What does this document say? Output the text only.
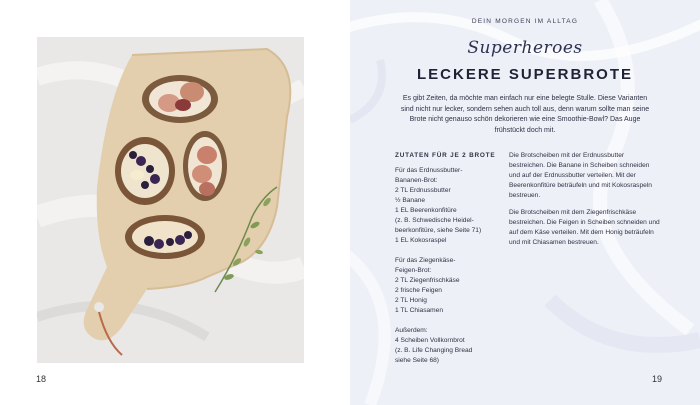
18
DEIN MORGEN IM ALLTAG
Superheroes
LECKERE SUPERBROTE
Es gibt Zeiten, da möchte man einfach nur eine belegte Stulle. Diese Varianten sind nicht nur lecker, sondern sehen auch toll aus, denn warum sollte man seine Brote nicht genauso schön dekorieren wie eine Smoothie-Bowl? Das Auge frühstückt doch mit.
ZUTATEN FÜR JE 2 BROTE
Für das Erdnussbutter-
Bananen-Brot:
2 TL Erdnussbutter
½ Banane
1 EL Beerenkonfitüre
(z. B. Schwedische Heidel-
beerkonfitüre, siehe Seite 71)
1 EL Kokosraspel
Für das Ziegenkäse-
Feigen-Brot:
2 TL Ziegenfrischkäse
2 frische Feigen
2 TL Honig
1 TL Chiasamen
Außerdem:
4 Scheiben Vollkornbrot
(z. B. Life Changing Bread
siehe Seite 68)
Die Brotscheiben mit der Erdnussbutter bestreichen. Die Banane in Scheiben schneiden und auf der Erdnussbutter verteilen. Mit der Beerenkonfitüre beträufeln und mit Kokosraspeln bestreuen.
Die Brotscheiben mit dem Ziegenfrischkäse bestreichen. Die Feigen in Scheiben schneiden und auf dem Käse verteilen. Mit dem Honig beträufeln und mit Chiasamen bestreuen.
19
